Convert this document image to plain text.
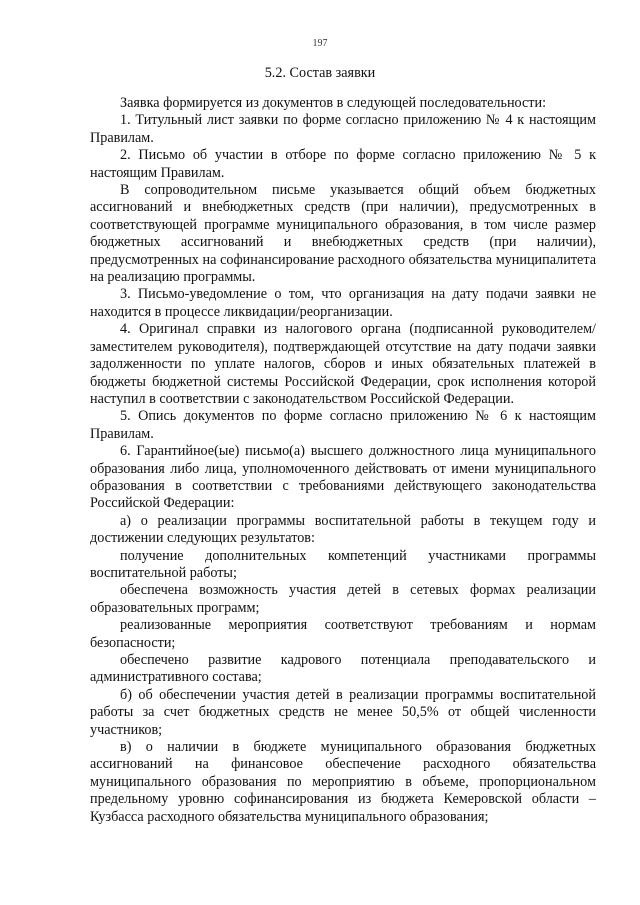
197
5.2. Состав заявки

Заявка формируется из документов в следующей последовательности:

1. Титульный лист заявки по форме согласно приложению № 4 к настоящим Правилам.

2. Письмо об участии в отборе по форме согласно приложению № 5 к настоящим Правилам.

В сопроводительном письме указывается общий объем бюджетных ассигнований и внебюджетных средств (при наличии), предусмотренных в соответствующей программе муниципального образования, в том числе размер бюджетных ассигнований и внебюджетных средств (при наличии), предусмотренных на софинансирование расходного обязательства муниципалитета на реализацию программы.

3. Письмо-уведомление о том, что организация на дату подачи заявки не находится в процессе ликвидации/реорганизации.

4. Оригинал справки из налогового органа (подписанной руководителем/заместителем руководителя), подтверждающей отсутствие на дату подачи заявки задолженности по уплате налогов, сборов и иных обязательных платежей в бюджеты бюджетной системы Российской Федерации, срок исполнения которой наступил в соответствии с законодательством Российской Федерации.

5. Опись документов по форме согласно приложению № 6 к настоящим Правилам.

6. Гарантийное(ые) письмо(а) высшего должностного лица муниципального образования либо лица, уполномоченного действовать от имени муниципального образования в соответствии с требованиями действующего законодательства Российской Федерации:

а) о реализации программы воспитательной работы в текущем году и достижении следующих результатов:

получение дополнительных компетенций участниками программы воспитательной работы;

обеспечена возможность участия детей в сетевых формах реализации образовательных программ;

реализованные мероприятия соответствуют требованиям и нормам безопасности;

обеспечено развитие кадрового потенциала преподавательского и административного состава;

б) об обеспечении участия детей в реализации программы воспитательной работы за счет бюджетных средств не менее 50,5% от общей численности участников;

в) о наличии в бюджете муниципального образования бюджетных ассигнований на финансовое обеспечение расходного обязательства муниципального образования по мероприятию в объеме, пропорциональном предельному уровню софинансирования из бюджета Кемеровской области – Кузбасса расходного обязательства муниципального образования;
